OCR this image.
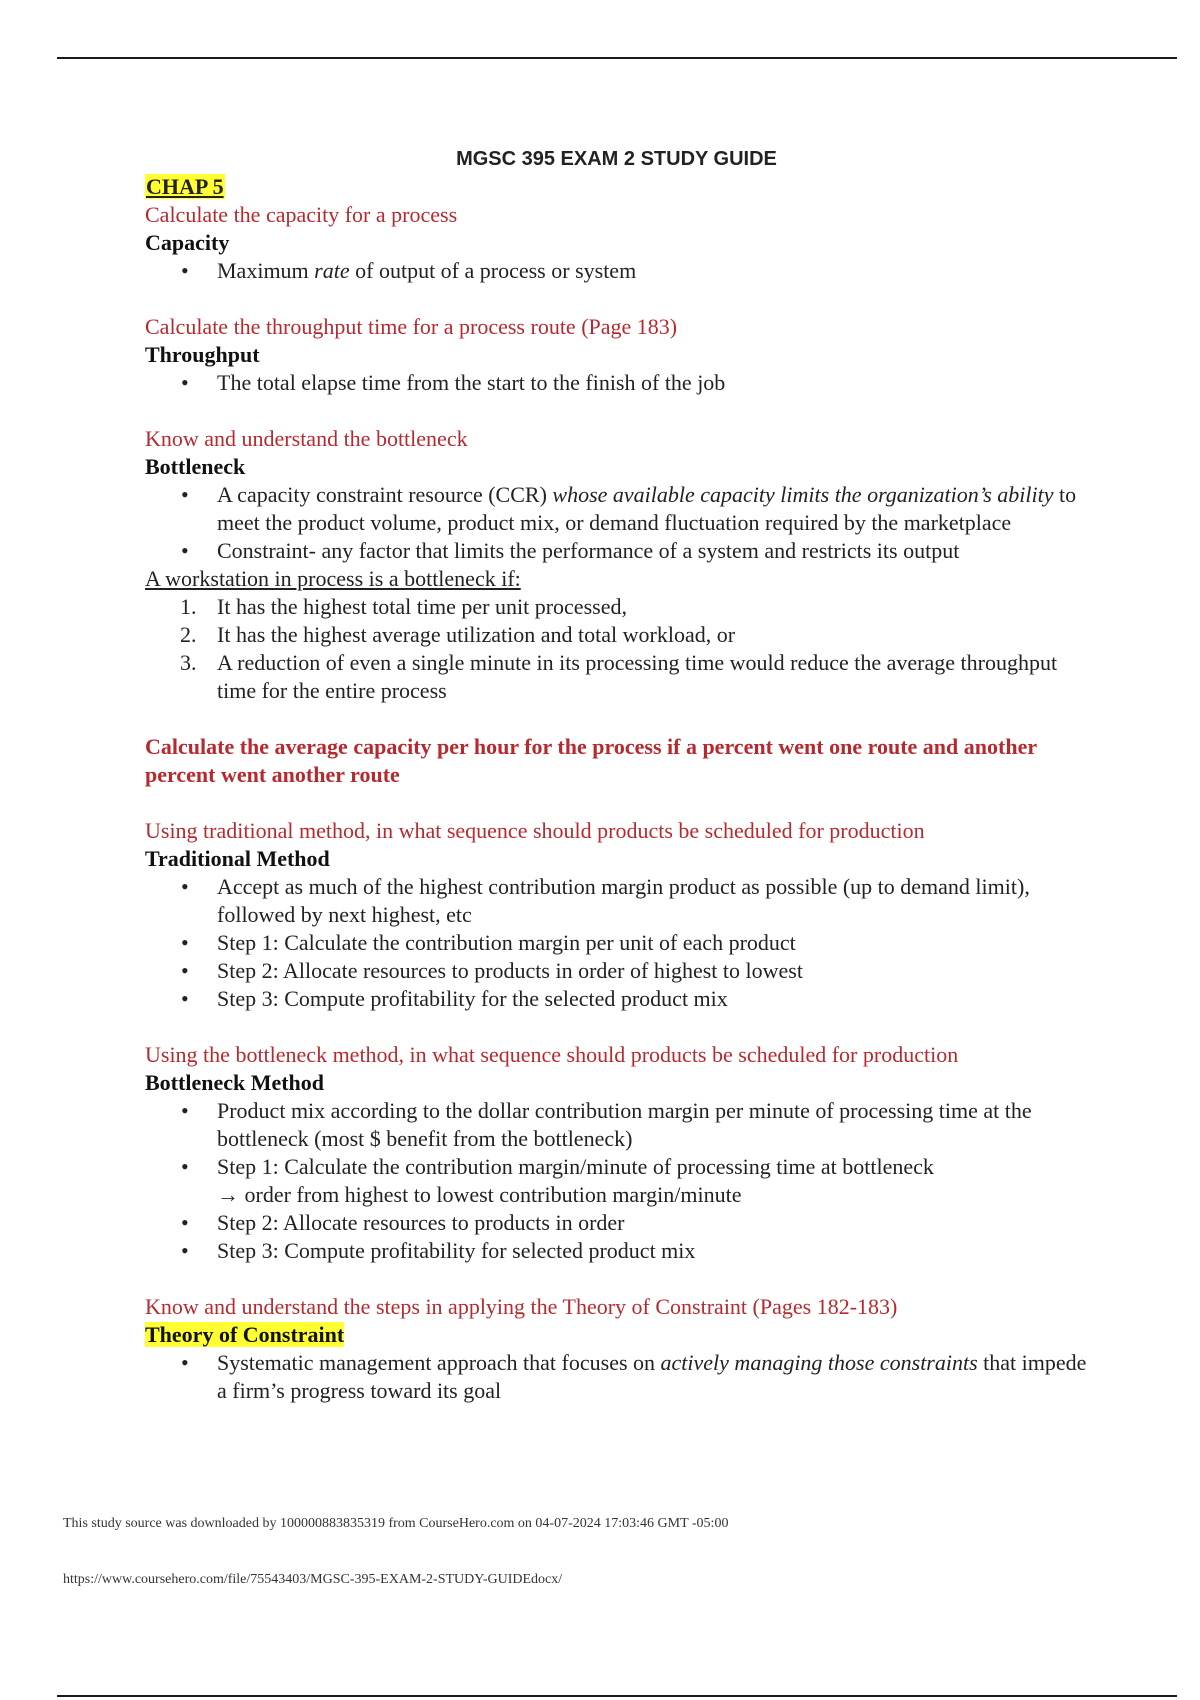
MGSC 395 EXAM 2 STUDY GUIDE
CHAP 5
Calculate the capacity for a process
Capacity
• Maximum rate of output of a process or system
Calculate the throughput time for a process route (Page 183)
Throughput
• The total elapse time from the start to the finish of the job
Know and understand the bottleneck
Bottleneck
• A capacity constraint resource (CCR) whose available capacity limits the organization’s ability to meet the product volume, product mix, or demand fluctuation required by the marketplace
• Constraint- any factor that limits the performance of a system and restricts its output
A workstation in process is a bottleneck if:
1. It has the highest total time per unit processed,
2. It has the highest average utilization and total workload, or
3. A reduction of even a single minute in its processing time would reduce the average throughput time for the entire process
Calculate the average capacity per hour for the process if a percent went one route and another percent went another route
Using traditional method, in what sequence should products be scheduled for production
Traditional Method
• Accept as much of the highest contribution margin product as possible (up to demand limit), followed by next highest, etc
• Step 1: Calculate the contribution margin per unit of each product
• Step 2: Allocate resources to products in order of highest to lowest
• Step 3: Compute profitability for the selected product mix
Using the bottleneck method, in what sequence should products be scheduled for production
Bottleneck Method
• Product mix according to the dollar contribution margin per minute of processing time at the bottleneck (most $ benefit from the bottleneck)
• Step 1: Calculate the contribution margin/minute of processing time at bottleneck
→ order from highest to lowest contribution margin/minute
• Step 2: Allocate resources to products in order
• Step 3: Compute profitability for selected product mix
Know and understand the steps in applying the Theory of Constraint (Pages 182-183)
Theory of Constraint
• Systematic management approach that focuses on actively managing those constraints that impede a firm’s progress toward its goal
This study source was downloaded by 100000883835319 from CourseHero.com on 04-07-2024 17:03:46 GMT -05:00
https://www.coursehero.com/file/75543403/MGSC-395-EXAM-2-STUDY-GUIDEdocx/
